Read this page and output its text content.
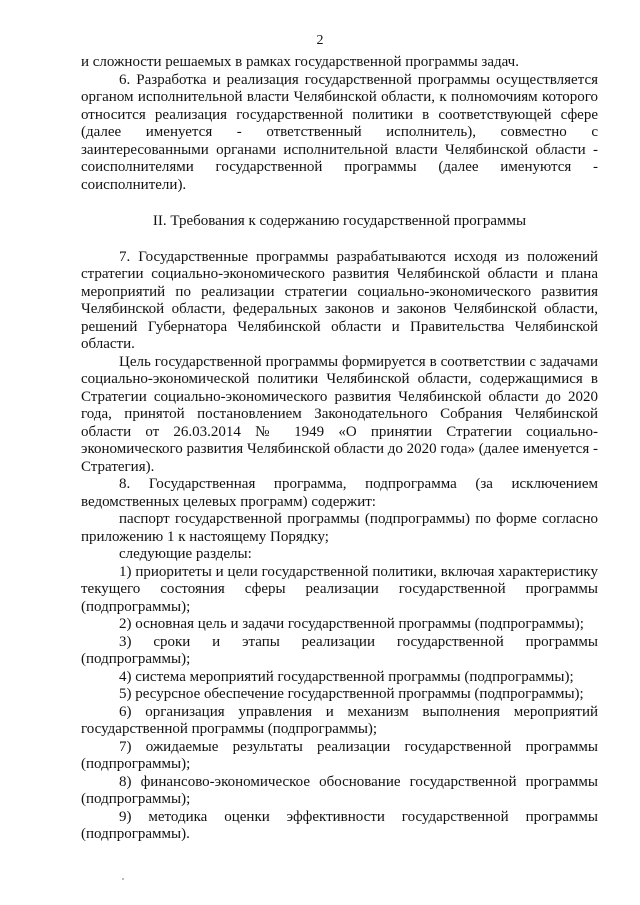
2

и сложности решаемых в рамках государственной программы задач.

6. Разработка и реализация государственной программы осуществляется органом исполнительной власти Челябинской области, к полномочиям которого относится реализация государственной политики в соответствующей сфере (далее именуется - ответственный исполнитель), совместно с заинтересованными органами исполнительной власти Челябинской области - соисполнителями государственной программы (далее именуются - соисполнители).

II. Требования к содержанию государственной программы

7. Государственные программы разрабатываются исходя из положений стратегии социально-экономического развития Челябинской области и плана мероприятий по реализации стратегии социально-экономического развития Челябинской области, федеральных законов и законов Челябинской области, решений Губернатора Челябинской области и Правительства Челябинской области.

Цель государственной программы формируется в соответствии с задачами социально-экономической политики Челябинской области, содержащимися в Стратегии социально-экономического развития Челябинской области до 2020 года, принятой постановлением Законодательного Собрания Челябинской области от 26.03.2014 № 1949 «О принятии Стратегии социально-экономического развития Челябинской области до 2020 года» (далее именуется - Стратегия).

8. Государственная программа, подпрограмма (за исключением ведомственных целевых программ) содержит:

паспорт государственной программы (подпрограммы) по форме согласно приложению 1 к настоящему Порядку;

следующие разделы:

1) приоритеты и цели государственной политики, включая характеристику текущего состояния сферы реализации государственной программы (подпрограммы);

2) основная цель и задачи государственной программы (подпрограммы);

3) сроки и этапы реализации государственной программы (подпрограммы);

4) система мероприятий государственной программы (подпрограммы);

5) ресурсное обеспечение государственной программы (подпрограммы);

6) организация управления и механизм выполнения мероприятий государственной программы (подпрограммы);

7) ожидаемые результаты реализации государственной программы (подпрограммы);

8) финансово-экономическое обоснование государственной программы (подпрограммы);

9) методика оценки эффективности государственной программы (подпрограммы).
